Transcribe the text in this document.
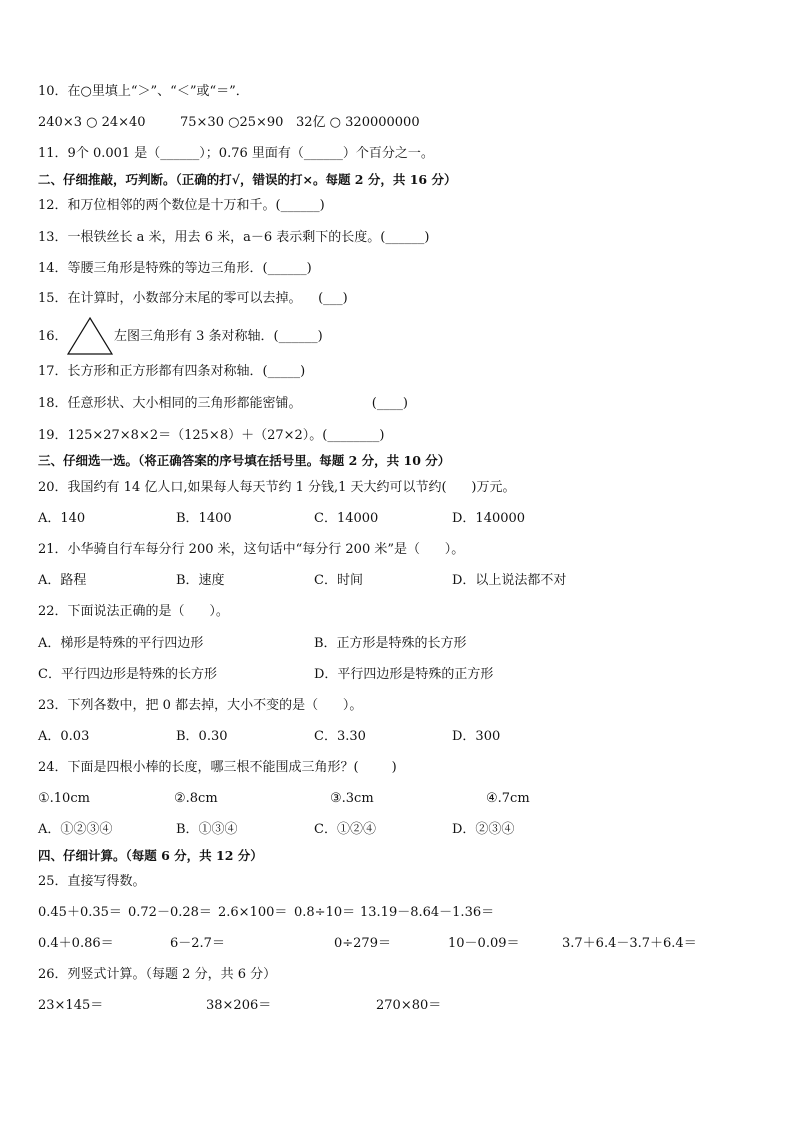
10．在○里填上“＞”、“＜”或“＝”．
240×3 ○ 24×40	75×30 ○25×90 32亿 ○ 320000000
11．9个 0.001 是（______）；0.76 里面有（______）个百分之一。
二、仔细推敲，巧判断。（正确的打√，错误的打×。每题 2 分，共 16 分）
12．和万位相邻的两个数位是十万和千。(______)
13．一根铁丝长 a 米，用去 6 米，a－6 表示剩下的长度。(______)
14．等腰三角形是特殊的等边三角形．(______)
15．在计算时，小数部分末尾的零可以去掉。    (___)
16．	左图三角形有 3 条对称轴．(______)
17．长方形和正方形都有四条对称轴．(_____)
18．任意形状、大小相同的三角形都能密铺。                 (____)
19．125×27×8×2＝（125×8）＋（27×2）。(________)
三、仔细选一选。（将正确答案的序号填在括号里。每题 2 分，共 10 分）
20．我国约有 14 亿人口,如果每人每天节约 1 分钱,1 天大约可以节约(      )万元。
A．140	B．1400	C．14000	D．140000
21．小华骑自行车每分行 200 米，这句话中“每分行 200 米”是（      ）。
A．路程	B．速度	C．时间	D．以上说法都不对
22．下面说法正确的是（      ）。
A．梯形是特殊的平行四边形	B．正方形是特殊的长方形
C．平行四边形是特殊的长方形	D．平行四边形是特殊的正方形
23．下列各数中，把 0 都去掉，大小不变的是（      ）。
A．0.03	B．0.30	C．3.30	D．300
24．下面是四根小棒的长度，哪三根不能围成三角形？(        )
①.10cm	②.8cm	③.3cm	④.7cm
A．①②③④	B．①③④	C．①②④	D．②③④
四、仔细计算。（每题 6 分，共 12 分）
25．直接写得数。
0.45＋0.35＝ 0.72－0.28＝ 2.6×100＝ 0.8÷10＝ 13.19－8.64－1.36＝
0.4＋0.86＝	6－2.7＝	0÷279＝	10－0.09＝	3.7＋6.4－3.7＋6.4＝
26．列竖式计算。（每题 2 分，共 6 分）
23×145＝	38×206＝	270×80＝
